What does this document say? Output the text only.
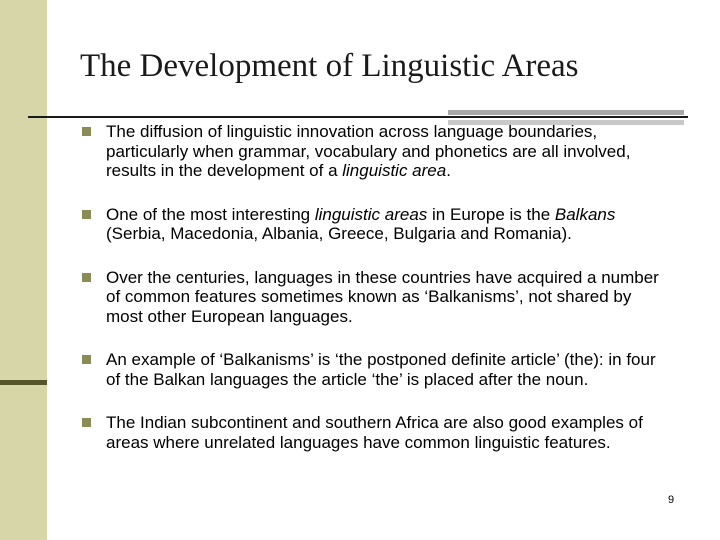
The Development of Linguistic Areas
The diffusion of linguistic innovation across language boundaries, particularly when grammar, vocabulary and phonetics are all involved, results in the development of a linguistic area.
One of the most interesting linguistic areas in Europe is the Balkans (Serbia, Macedonia, Albania, Greece, Bulgaria and Romania).
Over the centuries, languages in these countries have acquired a number of common features sometimes known as ‘Balkanisms’, not shared by most other European languages.
An example of ‘Balkanisms’ is ‘the postponed definite article’ (the): in four of the Balkan languages the article ‘the’ is placed after the noun.
The Indian subcontinent and southern Africa are also good examples of areas where unrelated languages have common linguistic features.
9
